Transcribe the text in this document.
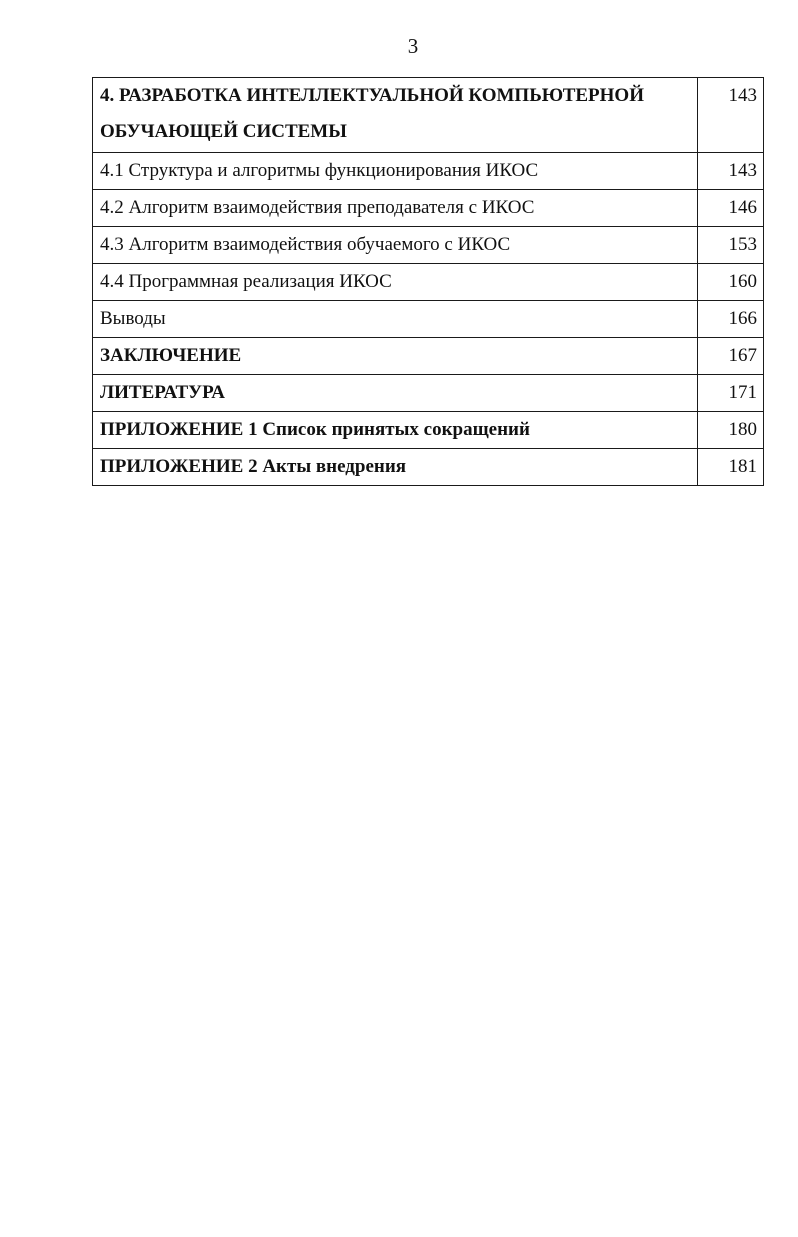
3
4. РАЗРАБОТКА ИНТЕЛЛЕКТУАЛЬНОЙ КОМПЬЮТЕРНОЙ ОБУЧАЮЩЕЙ СИСТЕМЫ	143
4.1 Структура и алгоритмы функционирования ИКОС	143
4.2 Алгоритм взаимодействия преподавателя с ИКОС	146
4.3 Алгоритм взаимодействия обучаемого с ИКОС	153
4.4 Программная реализация ИКОС	160
Выводы	166
ЗАКЛЮЧЕНИЕ	167
ЛИТЕРАТУРА	171
ПРИЛОЖЕНИЕ 1 Список принятых сокращений	180
ПРИЛОЖЕНИЕ 2 Акты внедрения	181
